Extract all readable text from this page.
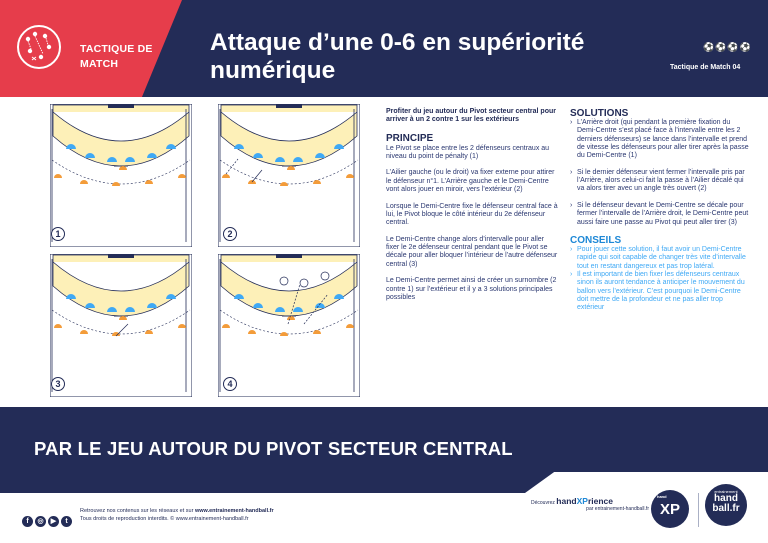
TACTIQUE DE
MATCH
Attaque d’une 0-6 en supériorité
numérique
⚽⚽⚽⚽
Tactique de Match 04
1	2
3	4

Profiter du jeu autour du Pivot secteur central pour arriver à un 2 contre 1 sur les extérieurs

PRINCIPE

Le Pivot se place entre les 2 défenseurs centraux au niveau du point de pénalty (1)

L’Ailier gauche (ou le droit) va fixer externe pour attirer le défenseur n°1. L’Arrière gauche et le Demi-Centre vont alors jouer en miroir, vers l’extérieur (2)

Lorsque le Demi-Centre fixe le défenseur central face à lui, le Pivot bloque le côté intérieur du 2e défenseur central.

Le Demi-Centre change alors d’intervalle pour aller fixer le 2e défenseur central pendant que le Pivot se décale pour aller bloquer l’intérieur de l’autre défenseur central (3)

Le Demi-Centre permet ainsi de créer un surnombre (2 contre 1) sur l’extérieur et il y a 3 solutions principales possibles

SOLUTIONS
› L’Arrière droit (qui pendant la première fixation du Demi-Centre s’est placé face à l’intervalle entre les 2 derniers défenseurs) se lance dans l’intervalle et prend de vitesse les défenseurs pour aller tirer après la passe du Demi-Centre (1)
› Si le dernier défenseur vient fermer l’intervalle pris par l’Arrière, alors celui-ci fait la passe à l’Ailier décalé qui va alors tirer avec un angle très ouvert (2)
› Si le défenseur devant le Demi-Centre se décale pour fermer l’intervalle de l’Arrière droit, le Demi-Centre peut aussi faire une passe au Pivot qui peut aller tirer (3)
CONSEILS
› Pour jouer cette solution, il faut avoir un Demi-Centre rapide qui soit capable de changer très vite d’intervalle tout en restant dangereux et pas trop latéral.
› Il est important de bien fixer les défenseurs centraux sinon ils auront tendance à anticiper le mouvement du ballon vers l’extérieur. C’est pourquoi le Demi-Centre doit mettre de la profondeur et ne pas aller trop extérieur
PAR LE JEU AUTOUR DU PIVOT SECTEUR CENTRAL
f ◎ ▶ t
Retrouvez nos contenus sur les réseaux et sur www.entrainement-handball.fr
Tous droits de reproduction interdits. © www.entrainement-handball.fr
Découvrez handXPrience
par entrainement-handball.fr
hand
XP
entrainement
hand
ball.fr
